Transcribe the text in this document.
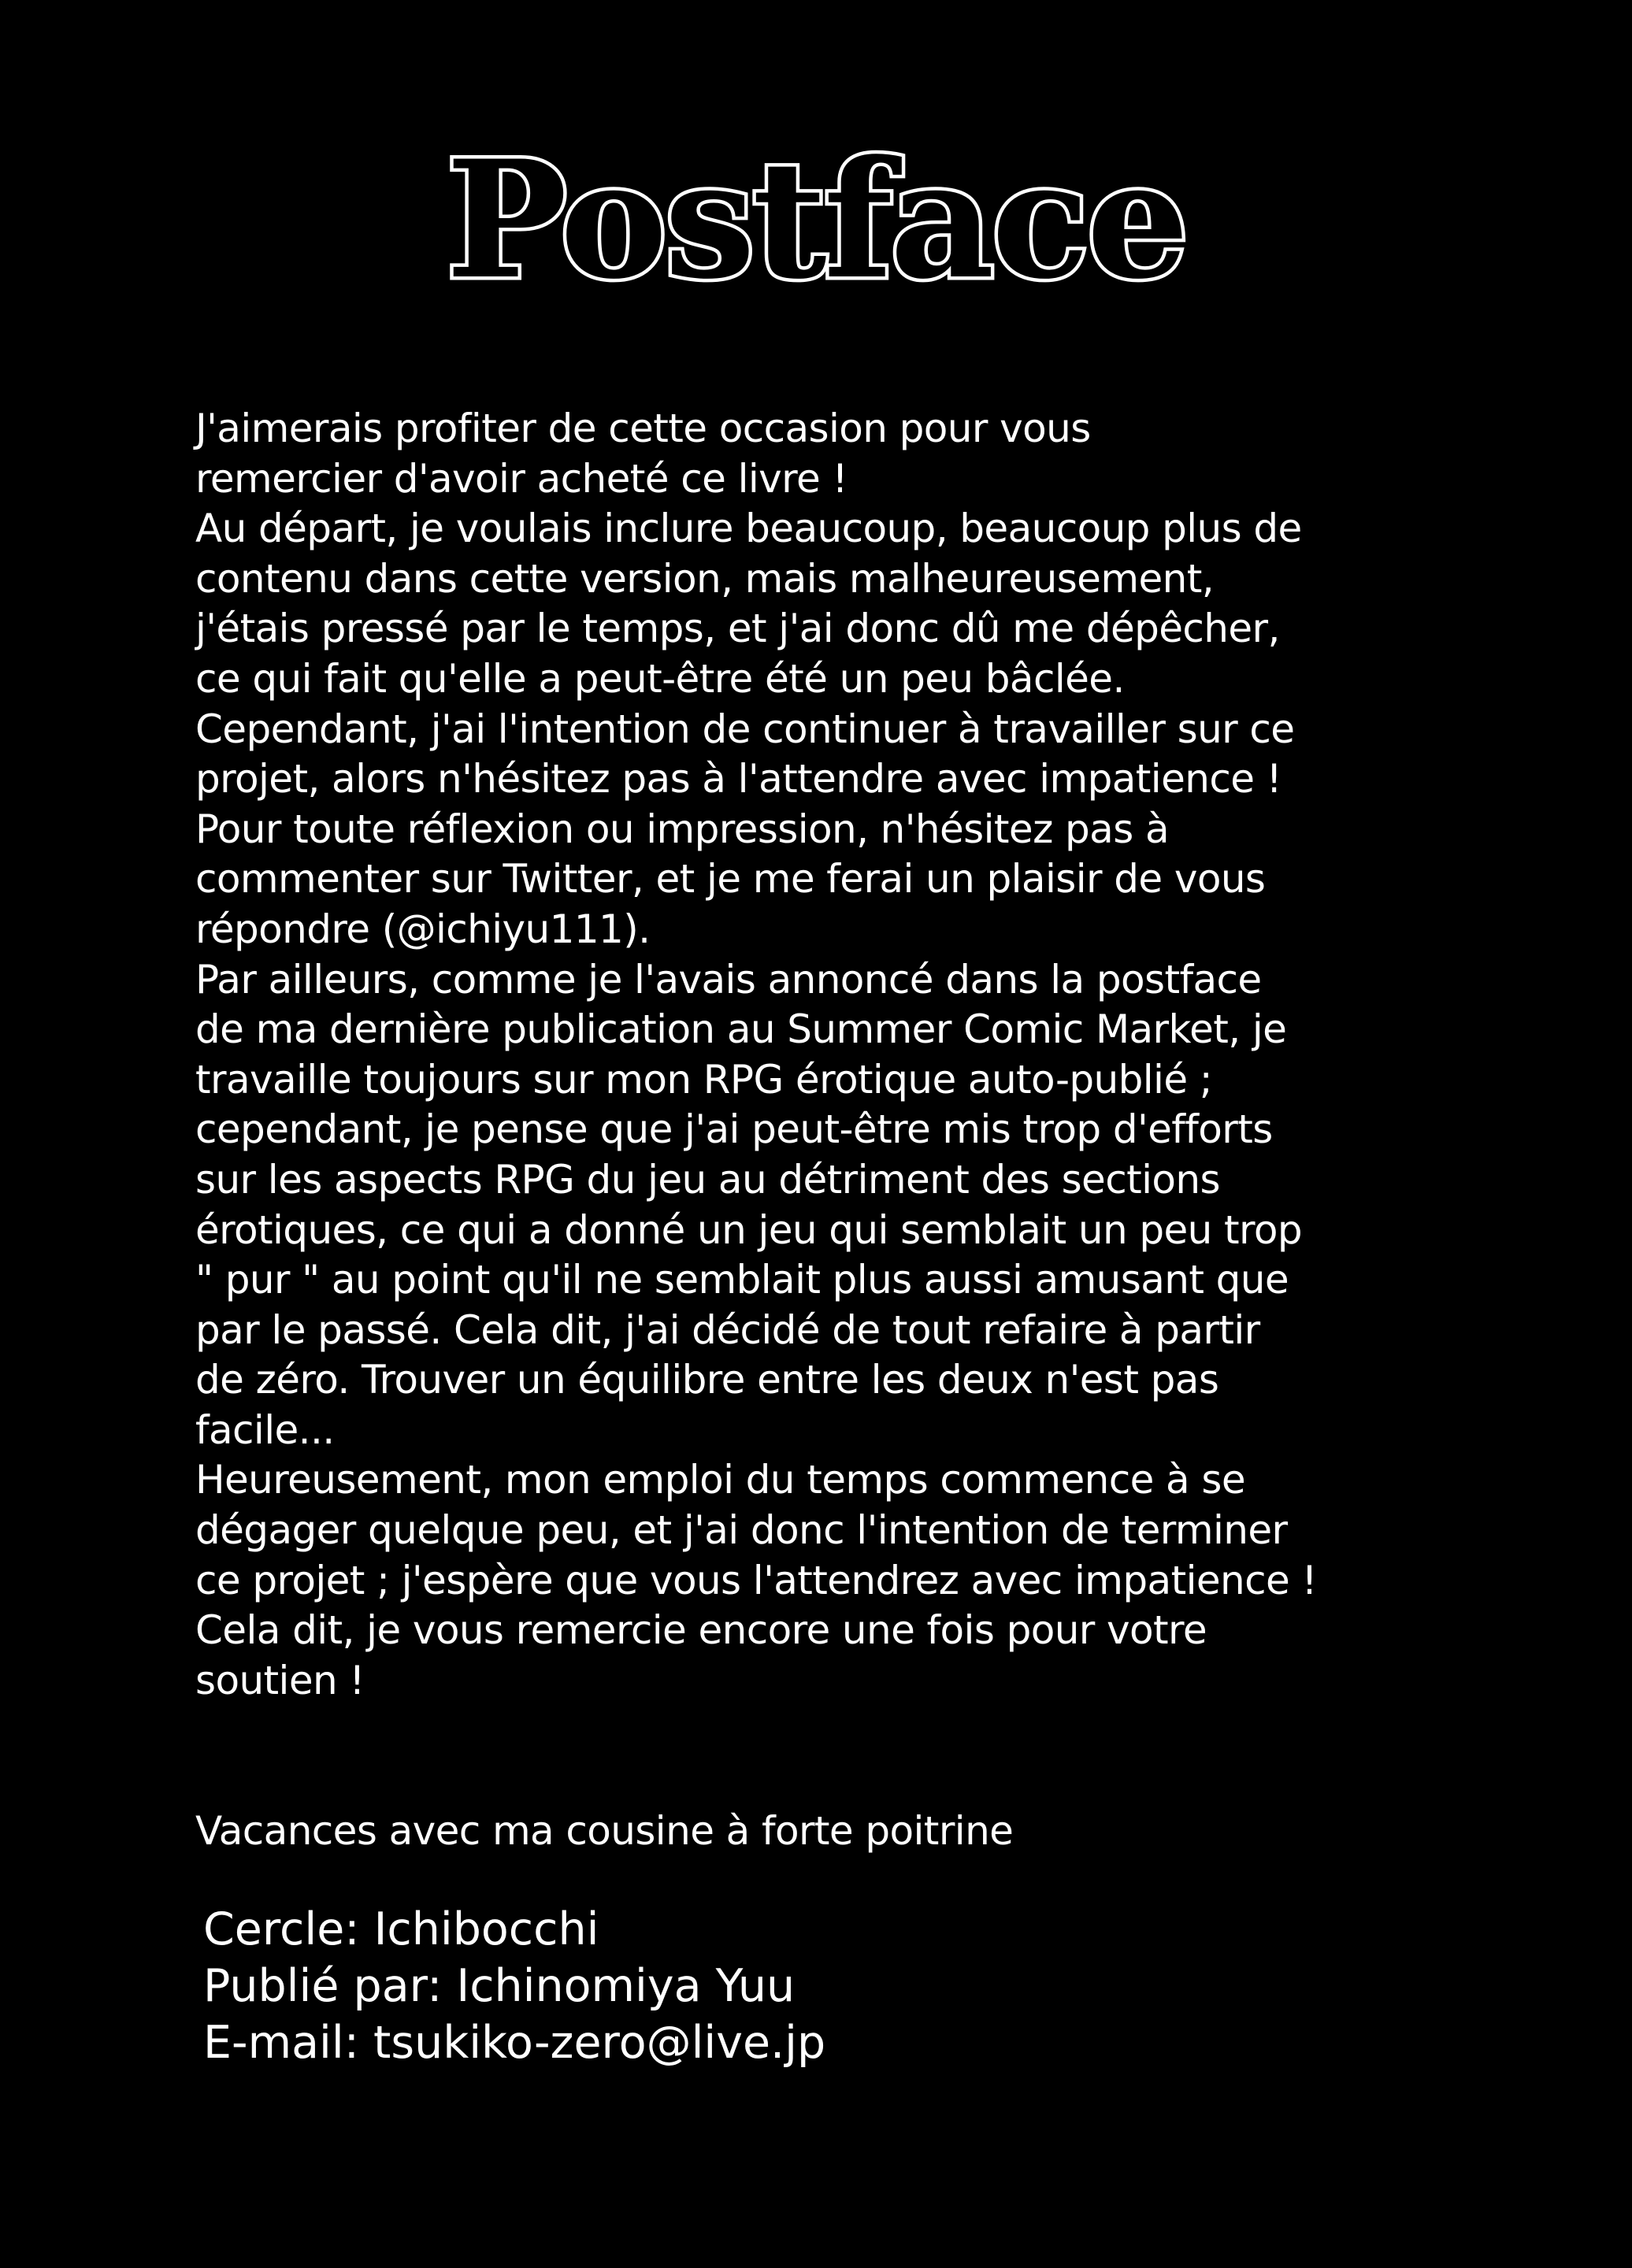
Postface
J'aimerais profiter de cette occasion pour vous
remercier d'avoir acheté ce livre !
Au départ, je voulais inclure beaucoup, beaucoup plus de
contenu dans cette version, mais malheureusement,
j'étais pressé par le temps, et j'ai donc dû me dépêcher,
ce qui fait qu'elle a peut-être été un peu bâclée.
Cependant, j'ai l'intention de continuer à travailler sur ce
projet, alors n'hésitez pas à l'attendre avec impatience !
Pour toute réflexion ou impression, n'hésitez pas à
commenter sur Twitter, et je me ferai un plaisir de vous
répondre (@ichiyu111).
Par ailleurs, comme je l'avais annoncé dans la postface
de ma dernière publication au Summer Comic Market, je
travaille toujours sur mon RPG érotique auto-publié ;
cependant, je pense que j'ai peut-être mis trop d'efforts
sur les aspects RPG du jeu au détriment des sections
érotiques, ce qui a donné un jeu qui semblait un peu trop
" pur " au point qu'il ne semblait plus aussi amusant que
par le passé. Cela dit, j'ai décidé de tout refaire à partir
de zéro. Trouver un équilibre entre les deux n'est pas
facile...
Heureusement, mon emploi du temps commence à se
dégager quelque peu, et j'ai donc l'intention de terminer
ce projet ; j'espère que vous l'attendrez avec impatience !
Cela dit, je vous remercie encore une fois pour votre
soutien !

Vacances avec ma cousine à forte poitrine

Cercle: Ichibocchi
Publié par: Ichinomiya Yuu
E-mail: tsukiko-zero@live.jp
